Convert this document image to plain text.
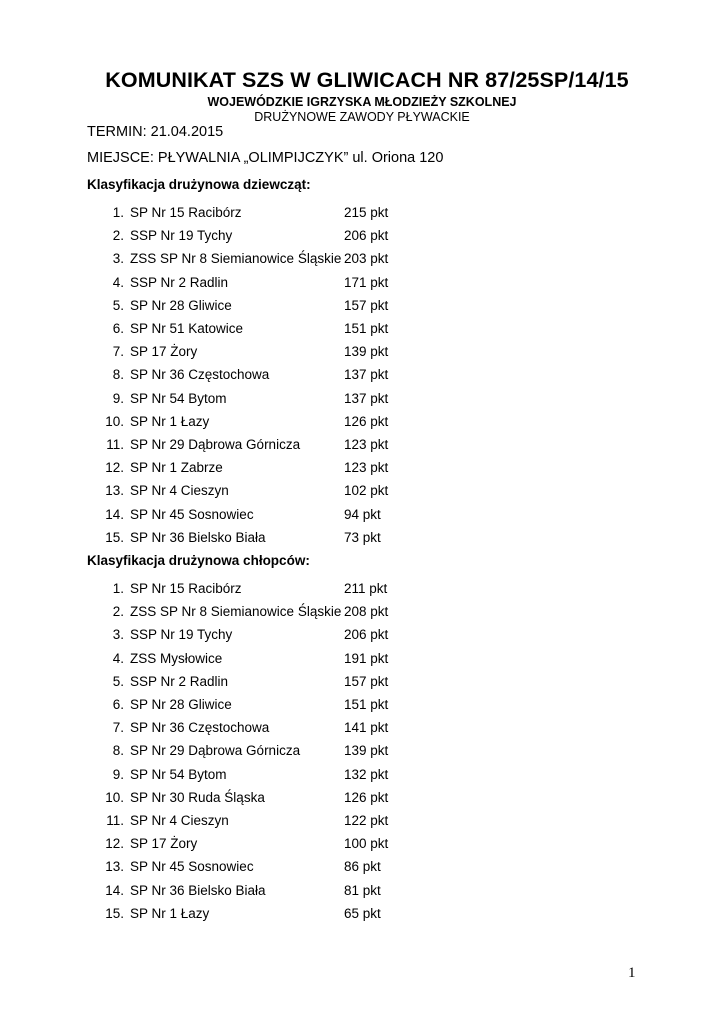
KOMUNIKAT SZS W GLIWICACH NR 87/25SP/14/15
WOJEWÓDZKIE IGRZYSKA MŁODZIEŻY SZKOLNEJ
DRUŻYNOWE ZAWODY PŁYWACKIE
TERMIN: 21.04.2015
MIEJSCE: PŁYWALNIA „OLIMPIJCZYK” ul. Oriona 120
Klasyfikacja drużynowa dziewcząt:
1. SP Nr 15 Racibórz	215 pkt
2. SSP Nr 19 Tychy	206 pkt
3. ZSS SP Nr 8 Siemianowice Śląskie 203 pkt
4. SSP Nr 2 Radlin	171 pkt
5. SP Nr 28 Gliwice	157 pkt
6. SP Nr 51 Katowice	151 pkt
7. SP 17 Żory	139 pkt
8. SP Nr 36 Częstochowa	137 pkt
9. SP Nr 54 Bytom	137 pkt
10. SP Nr 1 Łazy	126 pkt
11. SP Nr 29 Dąbrowa Górnicza	123 pkt
12. SP Nr 1 Zabrze	123 pkt
13. SP Nr 4 Cieszyn	102 pkt
14. SP Nr 45 Sosnowiec	94 pkt
15. SP Nr 36 Bielsko Biała	73 pkt
Klasyfikacja drużynowa chłopców:
1. SP Nr 15 Racibórz	211 pkt
2. ZSS SP Nr 8 Siemianowice Śląskie 208 pkt
3. SSP Nr 19 Tychy	206 pkt
4. ZSS Mysłowice	191 pkt
5. SSP Nr 2 Radlin	157 pkt
6. SP Nr 28 Gliwice	151 pkt
7. SP Nr 36 Częstochowa	141 pkt
8. SP Nr 29 Dąbrowa Górnicza	139 pkt
9. SP Nr 54 Bytom	132 pkt
10. SP Nr 30 Ruda Śląska	126 pkt
11. SP Nr 4 Cieszyn	122 pkt
12. SP 17 Żory	100 pkt
13. SP Nr 45 Sosnowiec	86 pkt
14. SP Nr 36 Bielsko Biała	81 pkt
15. SP Nr 1 Łazy	65 pkt
1
